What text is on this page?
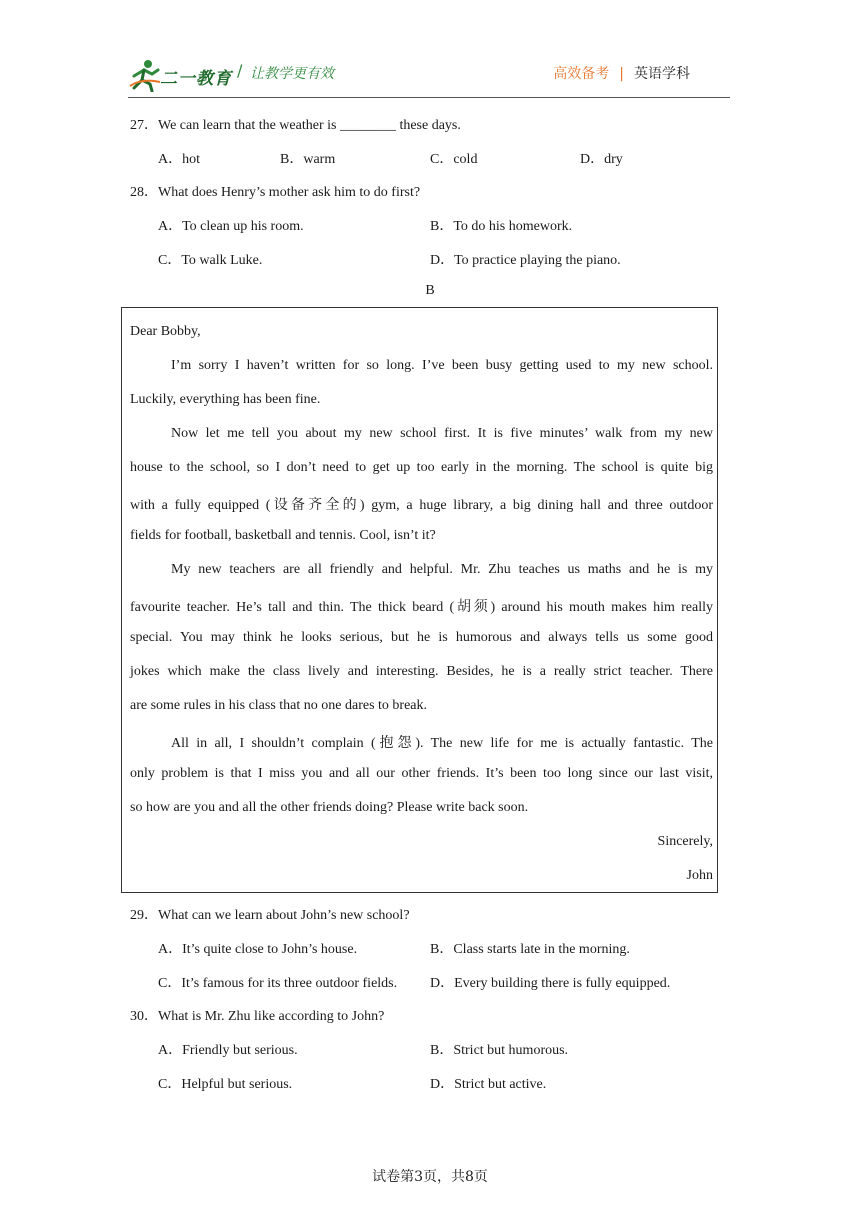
二一教育 / 让教学更有效	高效备考 | 英语学科
27．We can learn that the weather is ________ these days.
A．hot	B．warm	C．cold	D．dry
28．What does Henry’s mother ask him to do first?
A．To clean up his room.	B．To do his homework.
C．To walk Luke.	D．To practice playing the piano.
B
Dear Bobby,
I’m sorry I haven’t written for so long. I’ve been busy getting used to my new school.
Luckily, everything has been fine.
Now let me tell you about my new school first. It is five minutes’ walk from my new
house to the school, so I don’t need to get up too early in the morning. The school is quite big
with a fully equipped (设备齐全的) gym, a huge library, a big dining hall and three outdoor
fields for football, basketball and tennis. Cool, isn’t it?
My new teachers are all friendly and helpful. Mr. Zhu teaches us maths and he is my
favourite teacher. He’s tall and thin. The thick beard (胡须) around his mouth makes him really
special. You may think he looks serious, but he is humorous and always tells us some good
jokes which make the class lively and interesting. Besides, he is a really strict teacher. There
are some rules in his class that no one dares to break.
All in all, I shouldn’t complain (抱怨). The new life for me is actually fantastic. The
only problem is that I miss you and all our other friends. It’s been too long since our last visit,
so how are you and all the other friends doing? Please write back soon.
Sincerely,
John
29．What can we learn about John’s new school?
A．It’s quite close to John’s house.	B．Class starts late in the morning.
C．It’s famous for its three outdoor fields. D．Every building there is fully equipped.
30．What is Mr. Zhu like according to John?
A．Friendly but serious.	B．Strict but humorous.
C．Helpful but serious.	D．Strict but active.
试卷第3页，共8页
